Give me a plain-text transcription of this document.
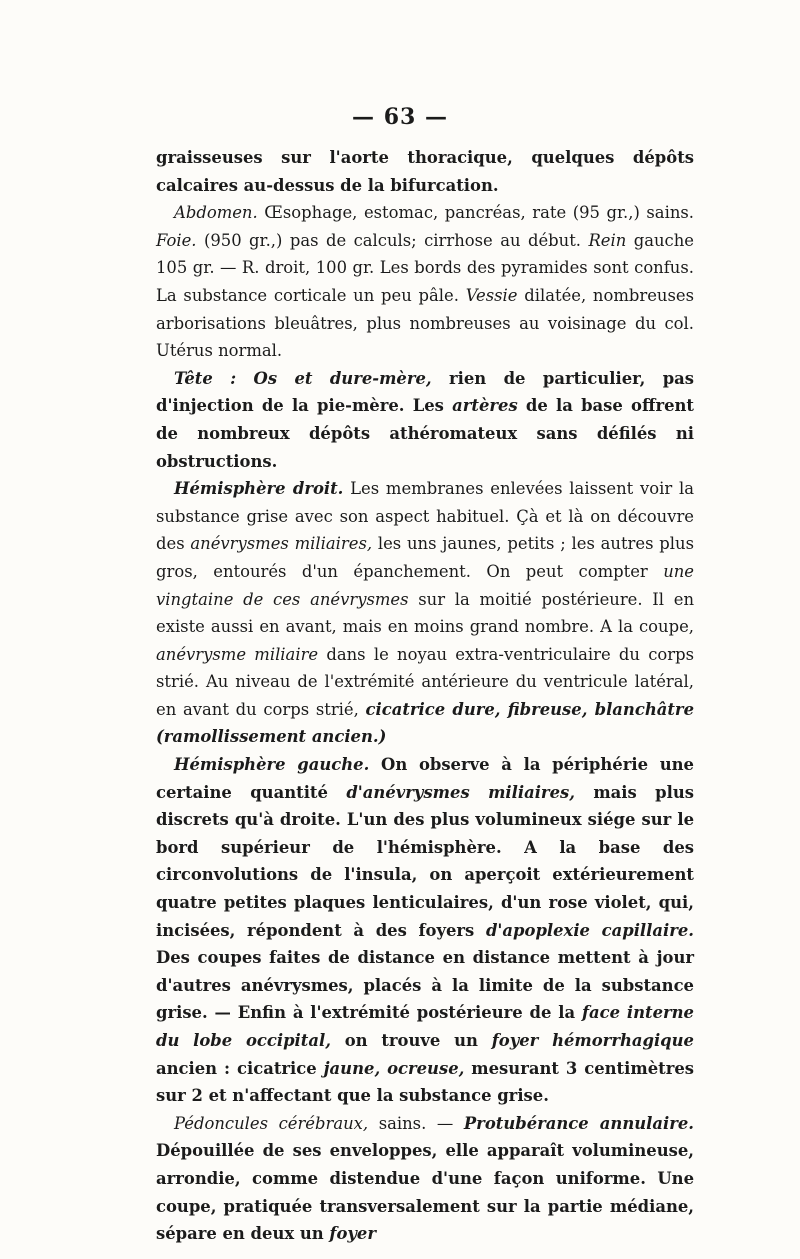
— 63 —

graisseuses sur l'aorte thoracique, quelques dépôts calcaires au-dessus de la bifurcation.

Abdomen. Œsophage, estomac, pancréas, rate (95 gr.,) sains. Foie. (950 gr.,) pas de calculs; cirrhose au début. Rein gauche 105 gr. — R. droit, 100 gr. Les bords des pyramides sont confus. La substance corticale un peu pâle. Vessie dilatée, nombreuses arborisations bleuâtres, plus nombreuses au voisinage du col. Utérus normal.

Tête : Os et dure-mère, rien de particulier, pas d'injection de la pie-mère. Les artères de la base offrent de nombreux dépôts athéromateux sans défilés ni obstructions.

Hémisphère droit. Les membranes enlevées laissent voir la substance grise avec son aspect habituel. Çà et là on découvre des anévrysmes miliaires, les uns jaunes, petits ; les autres plus gros, entourés d'un épanchement. On peut compter une vingtaine de ces anévrysmes sur la moitié postérieure. Il en existe aussi en avant, mais en moins grand nombre. A la coupe, anévrysme miliaire dans le noyau extra-ventriculaire du corps strié. Au niveau de l'extrémité antérieure du ventricule latéral, en avant du corps strié, cicatrice dure, fibreuse, blanchâtre (ramollissement ancien.)

Hémisphère gauche. On observe à la périphérie une certaine quantité d'anévrysmes miliaires, mais plus discrets qu'à droite. L'un des plus volumineux siége sur le bord supérieur de l'hémisphère. A la base des circonvolutions de l'insula, on aperçoit extérieurement quatre petites plaques lenticulaires, d'un rose violet, qui, incisées, répondent à des foyers d'apoplexie capillaire. Des coupes faites de distance en distance mettent à jour d'autres anévrysmes, placés à la limite de la substance grise. — Enfin à l'extrémité postérieure de la face interne du lobe occipital, on trouve un foyer hémorrhagique ancien : cicatrice jaune, ocreuse, mesurant 3 centimètres sur 2 et n'affectant que la substance grise.

Pédoncules cérébraux, sains. — Protubérance annulaire. Dépouillée de ses enveloppes, elle apparaît volumineuse, arrondie, comme distendue d'une façon uniforme. Une coupe, pratiquée transversalement sur la partie médiane, sépare en deux un foyer
